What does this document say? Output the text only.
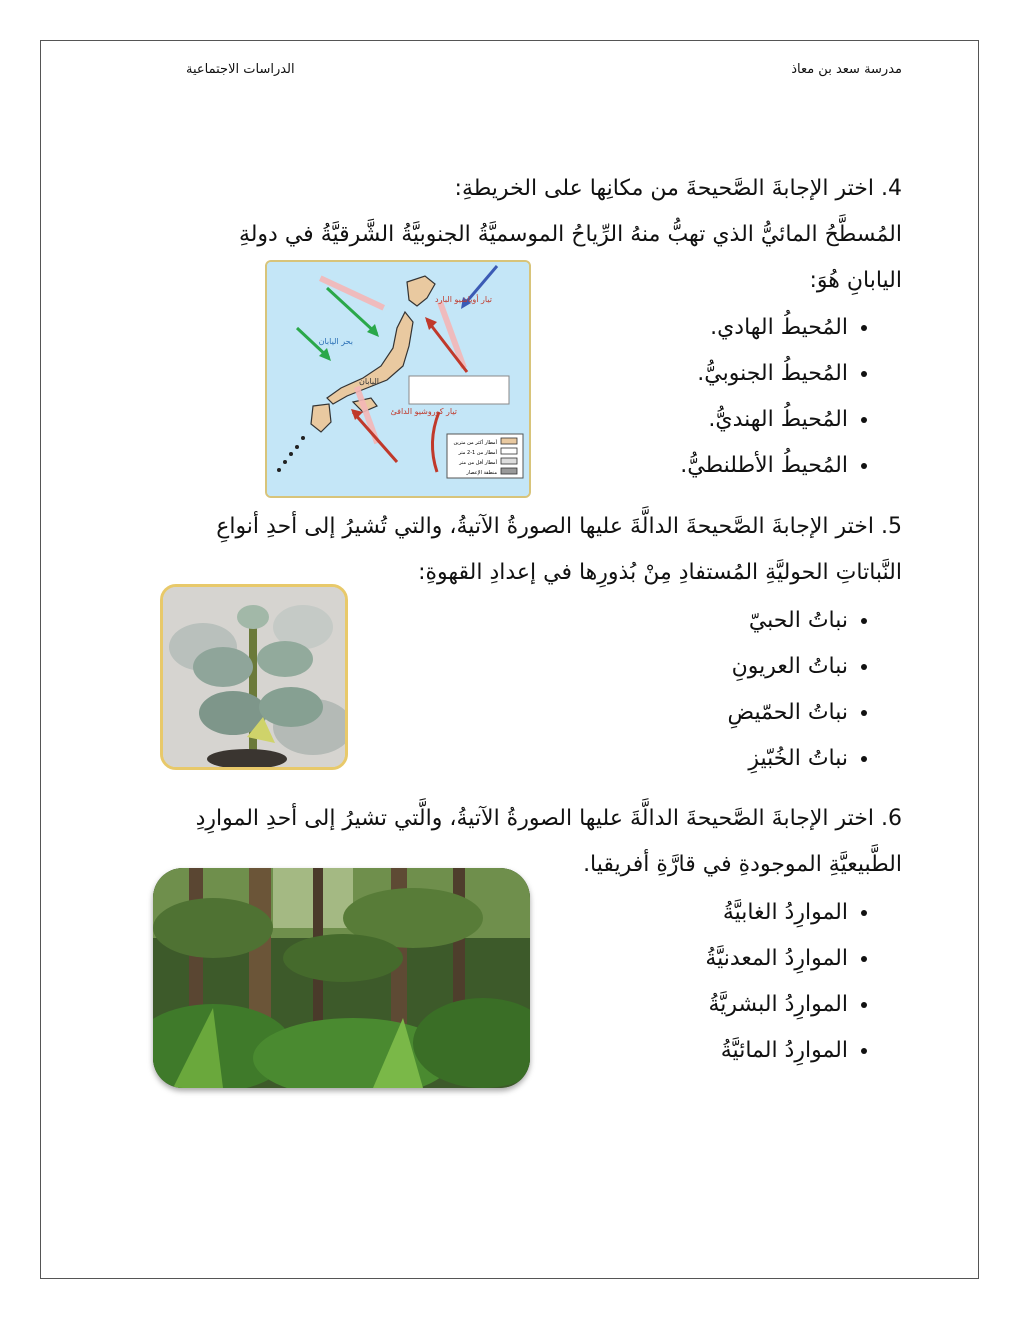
مدرسة سعد بن معاذ
الدراسات الاجتماعية
4. اختر الإجابةَ الصَّحيحةَ من مكانِها على الخريطةِ:
المُسطَّحُ المائيُّ الذي تهبُّ منهُ الرِّياحُ الموسميَّةُ الجنوبيَّةُ الشَّرقيَّةُ في دولةِ
اليابانِ هُوَ:
• المُحيطُ الهادي.
• المُحيطُ الجنوبيُّ.
• المُحيطُ الهنديُّ.
• المُحيطُ الأطلنطيُّ.
تيار أوياشيو البارد
بحر اليابان
اليابان
تيار كوروشيو الدافئ
أمطار أكثر من مترين
أمطار من 1-2 متر
أمطار أقل من متر
منطقة الإعصار
5. اختر الإجابةَ الصَّحيحةَ الدالَّةَ عليها الصورةُ الآتيةُ، والتي تُشيرُ إلى أحدِ أنواعِ
النَّباتاتِ الحوليَّةِ المُستفادِ مِنْ بُذورِها في إعدادِ القهوةِ:
• نباتُ الحبيّ
• نباتُ العريونِ
• نباتُ الحمّيضِ
• نباتُ الخُبّيزِ
6. اختر الإجابةَ الصَّحيحةَ الدالَّةَ عليها الصورةُ الآتيةُ، والَّتي تشيرُ إلى أحدِ الموارِدِ
الطَّبيعيَّةِ الموجودةِ في قارَّةِ أفريقيا.
• الموارِدُ الغابيَّةُ
• الموارِدُ المعدنيَّةُ
• الموارِدُ البشريَّةُ
• الموارِدُ المائيَّةُ
